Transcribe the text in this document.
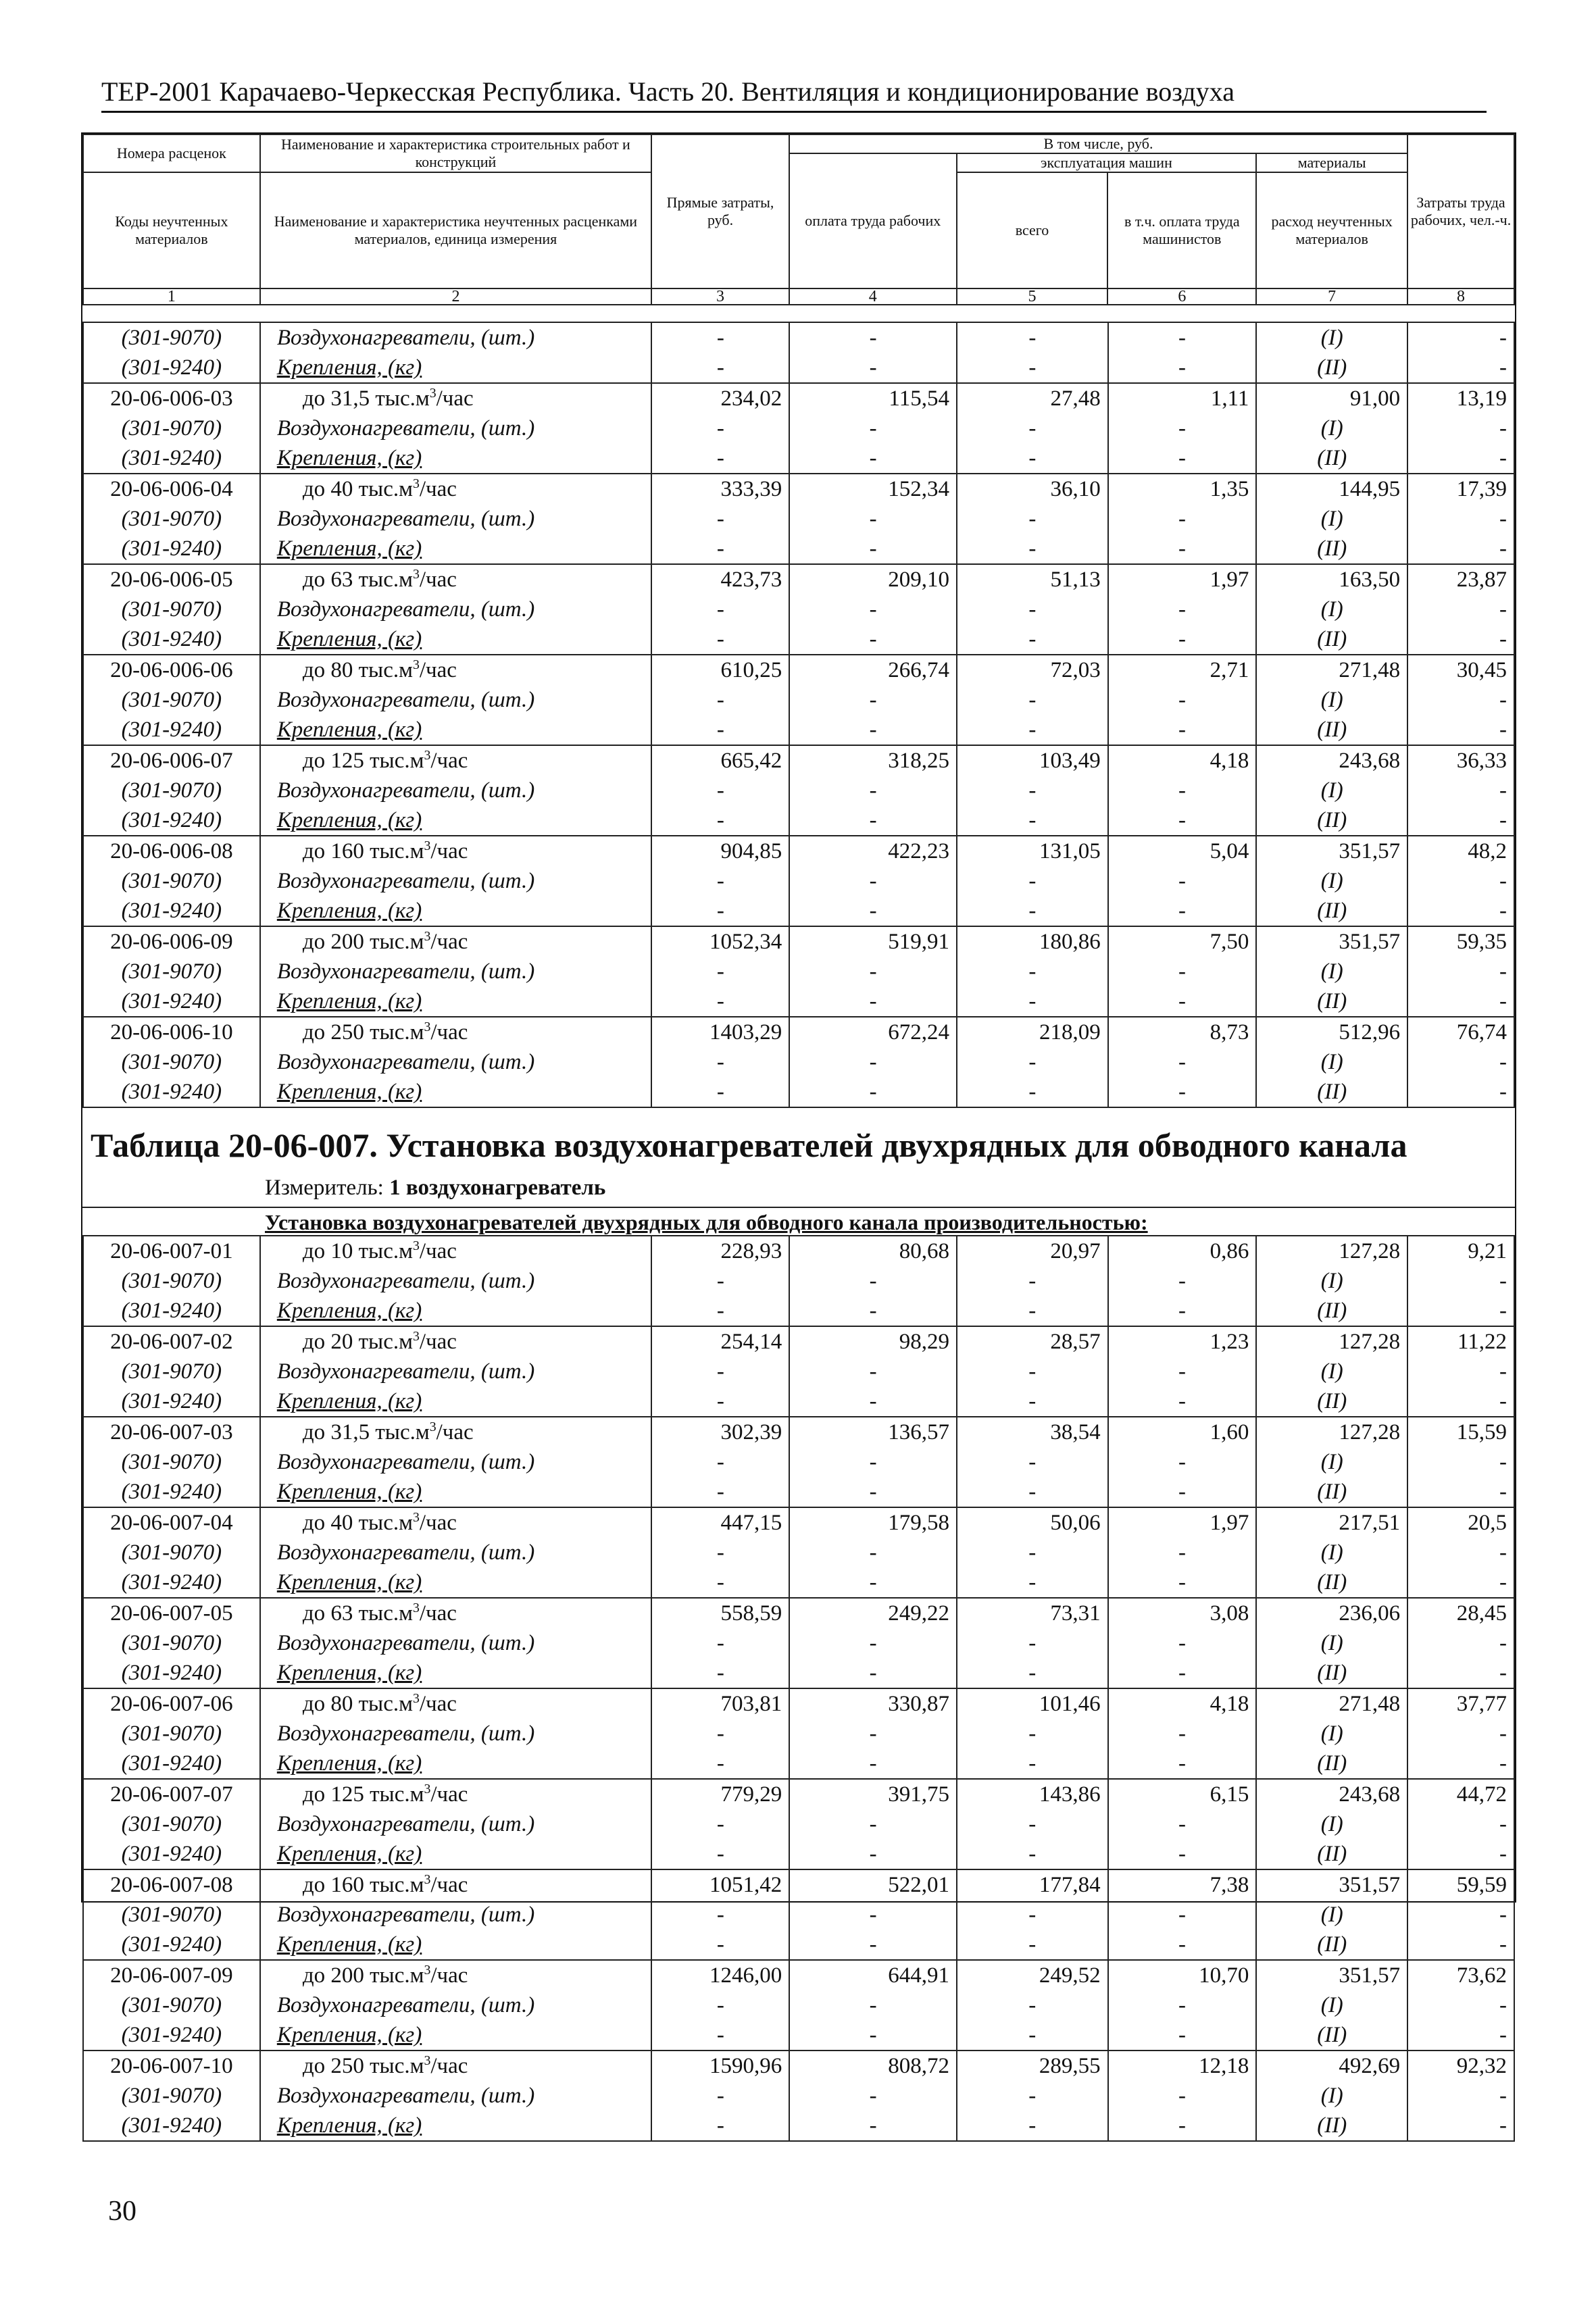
ТЕР-2001 Карачаево-Черкесская Республика. Часть 20. Вентиляция и кондиционирование воздуха
Номера расценок	Наименование и характеристика строительных работ и конструкций	Прямые затраты, руб.	В том числе, руб.				Затраты труда рабочих, чел.-ч.
			оплата труда рабочих	эксплуатация машин		материалы	
Коды неучтенных материалов	Наименование и характеристика неучтенных расценками материалов, единица измерения			всего	в т.ч. оплата труда машинистов	расход неучтенных материалов	

1	2	3	4	5	6	7	8
(301-9070)	Воздухонагреватели, (шт.)	-	-	-	-	(I)	-
(301-9240)	Крепления, (кг)	-	-	-	-	(II)	-
20-06-006-03	до 31,5 $тыс.м^3$/час	234,02	115,54	27,48	1,11	91,00	13,19
(301-9070)	Воздухонагреватели, (шт.)	-	-	-	-	(I)	-
(301-9240)	Крепления, (кг)	-	-	-	-	(II)	-
20-06-006-04	до 40 $тыс.м^3$/час	333,39	152,34	36,10	1,35	144,95	17,39
(301-9070)	Воздухонагреватели, (шт.)	-	-	-	-	(I)	-
(301-9240)	Крепления, (кг)	-	-	-	-	(II)	-
20-06-006-05	до 63 $тыс.м^3$/час	423,73	209,10	51,13	1,97	163,50	23,87
(301-9070)	Воздухонагреватели, (шт.)	-	-	-	-	(I)	-
(301-9240)	Крепления, (кг)	-	-	-	-	(II)	-
20-06-006-06	до 80 $тыс.м^3$/час	610,25	266,74	72,03	2,71	271,48	30,45
(301-9070)	Воздухонагреватели, (шт.)	-	-	-	-	(I)	-
(301-9240)	Крепления, (кг)	-	-	-	-	(II)	-
20-06-006-07	до 125 $тыс.м^3$/час	665,42	318,25	103,49	4,18	243,68	36,33
(301-9070)	Воздухонагреватели, (шт.)	-	-	-	-	(I)	-
(301-9240)	Крепления, (кг)	-	-	-	-	(II)	-
20-06-006-08	до 160 $тыс.м^3$/час	904,85	422,23	131,05	5,04	351,57	48,2
(301-9070)	Воздухонагреватели, (шт.)	-	-	-	-	(I)	-
(301-9240)	Крепления, (кг)	-	-	-	-	(II)	-
20-06-006-09	до 200 $тыс.м^3$/час	1052,34	519,91	180,86	7,50	351,57	59,35
(301-9070)	Воздухонагреватели, (шт.)	-	-	-	-	(I)	-
(301-9240)	Крепления, (кг)	-	-	-	-	(II)	-
20-06-006-10	до 250 $тыс.м^3$/час	1403,29	672,24	218,09	8,73	512,96	76,74
(301-9070)	Воздухонагреватели, (шт.)	-	-	-	-	(I)	-
(301-9240)	Крепления, (кг)	-	-	-	-	(II)	-
Таблица 20-06-007. Установка воздухонагревателей двухрядных для обводного канала
Измеритель: 1 воздухонагреватель
Установка воздухонагревателей двухрядных для обводного канала производительностью:
20-06-007-01	до 10 $тыс.м^3$/час	228,93	80,68	20,97	0,86	127,28	9,21
(301-9070)	Воздухонагреватели, (шт.)	-	-	-	-	(I)	-
(301-9240)	Крепления, (кг)	-	-	-	-	(II)	-
20-06-007-02	до 20 $тыс.м^3$/час	254,14	98,29	28,57	1,23	127,28	11,22
(301-9070)	Воздухонагреватели, (шт.)	-	-	-	-	(I)	-
(301-9240)	Крепления, (кг)	-	-	-	-	(II)	-
20-06-007-03	до 31,5 $тыс.м^3$/час	302,39	136,57	38,54	1,60	127,28	15,59
(301-9070)	Воздухонагреватели, (шт.)	-	-	-	-	(I)	-
(301-9240)	Крепления, (кг)	-	-	-	-	(II)	-
20-06-007-04	до 40 $тыс.м^3$/час	447,15	179,58	50,06	1,97	217,51	20,5
(301-9070)	Воздухонагреватели, (шт.)	-	-	-	-	(I)	-
(301-9240)	Крепления, (кг)	-	-	-	-	(II)	-
20-06-007-05	до 63 $тыс.м^3$/час	558,59	249,22	73,31	3,08	236,06	28,45
(301-9070)	Воздухонагреватели, (шт.)	-	-	-	-	(I)	-
(301-9240)	Крепления, (кг)	-	-	-	-	(II)	-
20-06-007-06	до 80 $тыс.м^3$/час	703,81	330,87	101,46	4,18	271,48	37,77
(301-9070)	Воздухонагреватели, (шт.)	-	-	-	-	(I)	-
(301-9240)	Крепления, (кг)	-	-	-	-	(II)	-
20-06-007-07	до 125 $тыс.м^3$/час	779,29	391,75	143,86	6,15	243,68	44,72
(301-9070)	Воздухонагреватели, (шт.)	-	-	-	-	(I)	-
(301-9240)	Крепления, (кг)	-	-	-	-	(II)	-
20-06-007-08	до 160 $тыс.м^3$/час	1051,42	522,01	177,84	7,38	351,57	59,59
(301-9070)	Воздухонагреватели, (шт.)	-	-	-	-	(I)	-
(301-9240)	Крепления, (кг)	-	-	-	-	(II)	-
20-06-007-09	до 200 $тыс.м^3$/час	1246,00	644,91	249,52	10,70	351,57	73,62
(301-9070)	Воздухонагреватели, (шт.)	-	-	-	-	(I)	-
(301-9240)	Крепления, (кг)	-	-	-	-	(II)	-
20-06-007-10	до 250 $тыс.м^3$/час	1590,96	808,72	289,55	12,18	492,69	92,32
(301-9070)	Воздухонагреватели, (шт.)	-	-	-	-	(I)	-
(301-9240)	Крепления, (кг)	-	-	-	-	(II)	-
30
